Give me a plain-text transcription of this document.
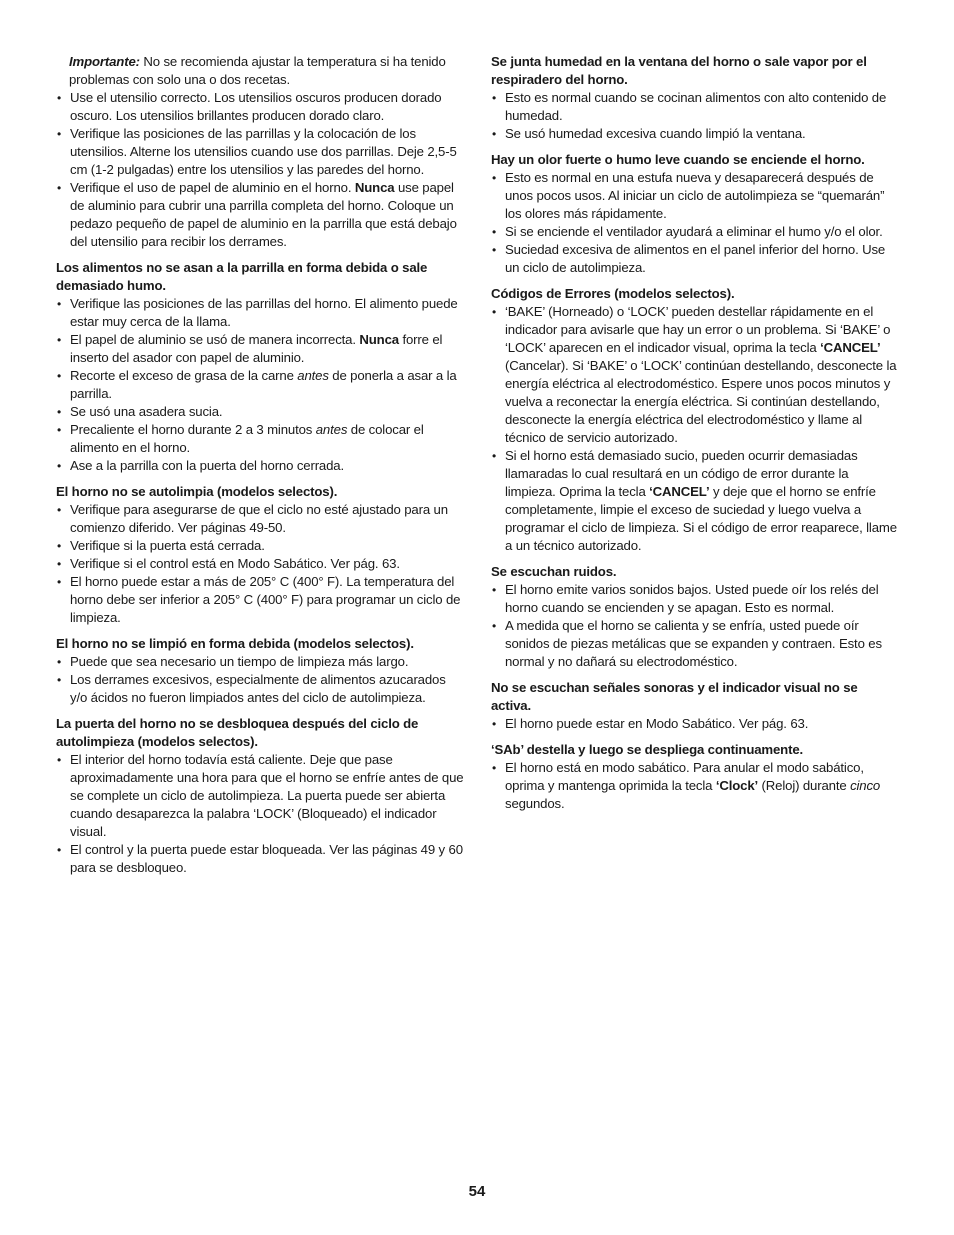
Importante: No se recomienda ajustar la temperatura si ha tenido problemas con solo una o dos recetas.

• Use el utensilio correcto. Los utensilios oscuros producen dorado oscuro. Los utensilios brillantes producen dorado claro.
• Verifique las posiciones de las parrillas y la colocación de los utensilios. Alterne los utensilios cuando use dos parrillas. Deje 2,5-5 cm (1-2 pulgadas) entre los utensilios y las paredes del horno.
• Verifique el uso de papel de aluminio en el horno. Nunca use papel de aluminio para cubrir una parrilla completa del horno. Coloque un pedazo pequeño de papel de aluminio en la parrilla que está debajo del utensilio para recibir los derrames.

Los alimentos no se asan a la parrilla en forma debida o sale demasiado humo.

• Verifique las posiciones de las parrillas del horno. El alimento puede estar muy cerca de la llama.
• El papel de aluminio se usó de manera incorrecta. Nunca forre el inserto del asador con papel de aluminio.
• Recorte el exceso de grasa de la carne antes de ponerla a asar a la parrilla.
• Se usó una asadera sucia.
• Precaliente el horno durante 2 a 3 minutos antes de colocar el alimento en el horno.
• Ase a la parrilla con la puerta del horno cerrada.

El horno no se autolimpia (modelos selectos).

• Verifique para asegurarse de que el ciclo no esté ajustado para un comienzo diferido. Ver páginas 49-50.
• Verifique si la puerta está cerrada.
• Verifique si el control está en Modo Sabático. Ver pág. 63.
• El horno puede estar a más de 205° C (400° F). La temperatura del horno debe ser inferior a 205° C (400° F) para programar un ciclo de limpieza.

El horno no se limpió en forma debida (modelos selectos).

• Puede que sea necesario un tiempo de limpieza más largo.
• Los derrames excesivos, especialmente de alimentos azucarados y/o ácidos no fueron limpiados antes del ciclo de autolimpieza.

La puerta del horno no se desbloquea después del ciclo de autolimpieza (modelos selectos).

• El interior del horno todavía está caliente. Deje que pase aproximadamente una hora para que el horno se enfríe antes de que se complete un ciclo de autolimpieza. La puerta puede ser abierta cuando desaparezca la palabra ‘LOCK’ (Bloqueado) el indicador visual.
• El control y la puerta puede estar bloqueada. Ver las páginas 49 y 60 para se desbloqueo.

Se junta humedad en la ventana del horno o sale vapor por el respiradero del horno.

• Esto es normal cuando se cocinan alimentos con alto contenido de humedad.
• Se usó humedad excesiva cuando limpió la ventana.

Hay un olor fuerte o humo leve cuando se enciende el horno.

• Esto es normal en una estufa nueva y desaparecerá después de unos pocos usos. Al iniciar un ciclo de autolimpieza se “quemarán” los olores más rápidamente.
• Si se enciende el ventilador ayudará a eliminar el humo y/o el olor.
• Suciedad excesiva de alimentos en el panel inferior del horno. Use un ciclo de autolimpieza.

Códigos de Errores (modelos selectos).

• ‘BAKE’ (Horneado) o ‘LOCK’ pueden destellar rápidamente en el indicador para avisarle que hay un error o un problema. Si ‘BAKE’ o ‘LOCK’ aparecen en el indicador visual, oprima la tecla ‘CANCEL’ (Cancelar). Si ‘BAKE’ o ‘LOCK’ continúan destellando, desconecte la energía eléctrica al electrodoméstico. Espere unos pocos minutos y vuelva a reconectar la energía eléctrica. Si continúan destellando, desconecte la energía eléctrica del electrodoméstico y llame al técnico de servicio autorizado.
• Si el horno está demasiado sucio, pueden ocurrir demasiadas llamaradas lo cual resultará en un código de error durante la limpieza. Oprima la tecla ‘CANCEL’ y deje que el horno se enfríe completamente, limpie el exceso de suciedad y luego vuelva a programar el ciclo de limpieza. Si el código de error reaparece, llame a un técnico autorizado.

Se escuchan ruidos.

• El horno emite varios sonidos bajos. Usted puede oír los relés del horno cuando se encienden y se apagan. Esto es normal.
• A medida que el horno se calienta y se enfría, usted puede oír sonidos de piezas metálicas que se expanden y contraen. Esto es normal y no dañará su electrodoméstico.

No se escuchan señales sonoras y el indicador visual no se activa.

• El horno puede estar en Modo Sabático. Ver pág. 63.

‘SAb’ destella y luego se despliega continuamente.

• El horno está en modo sabático. Para anular el modo sabático, oprima y mantenga oprimida la tecla ‘Clock’ (Reloj) durante cinco segundos.
54
